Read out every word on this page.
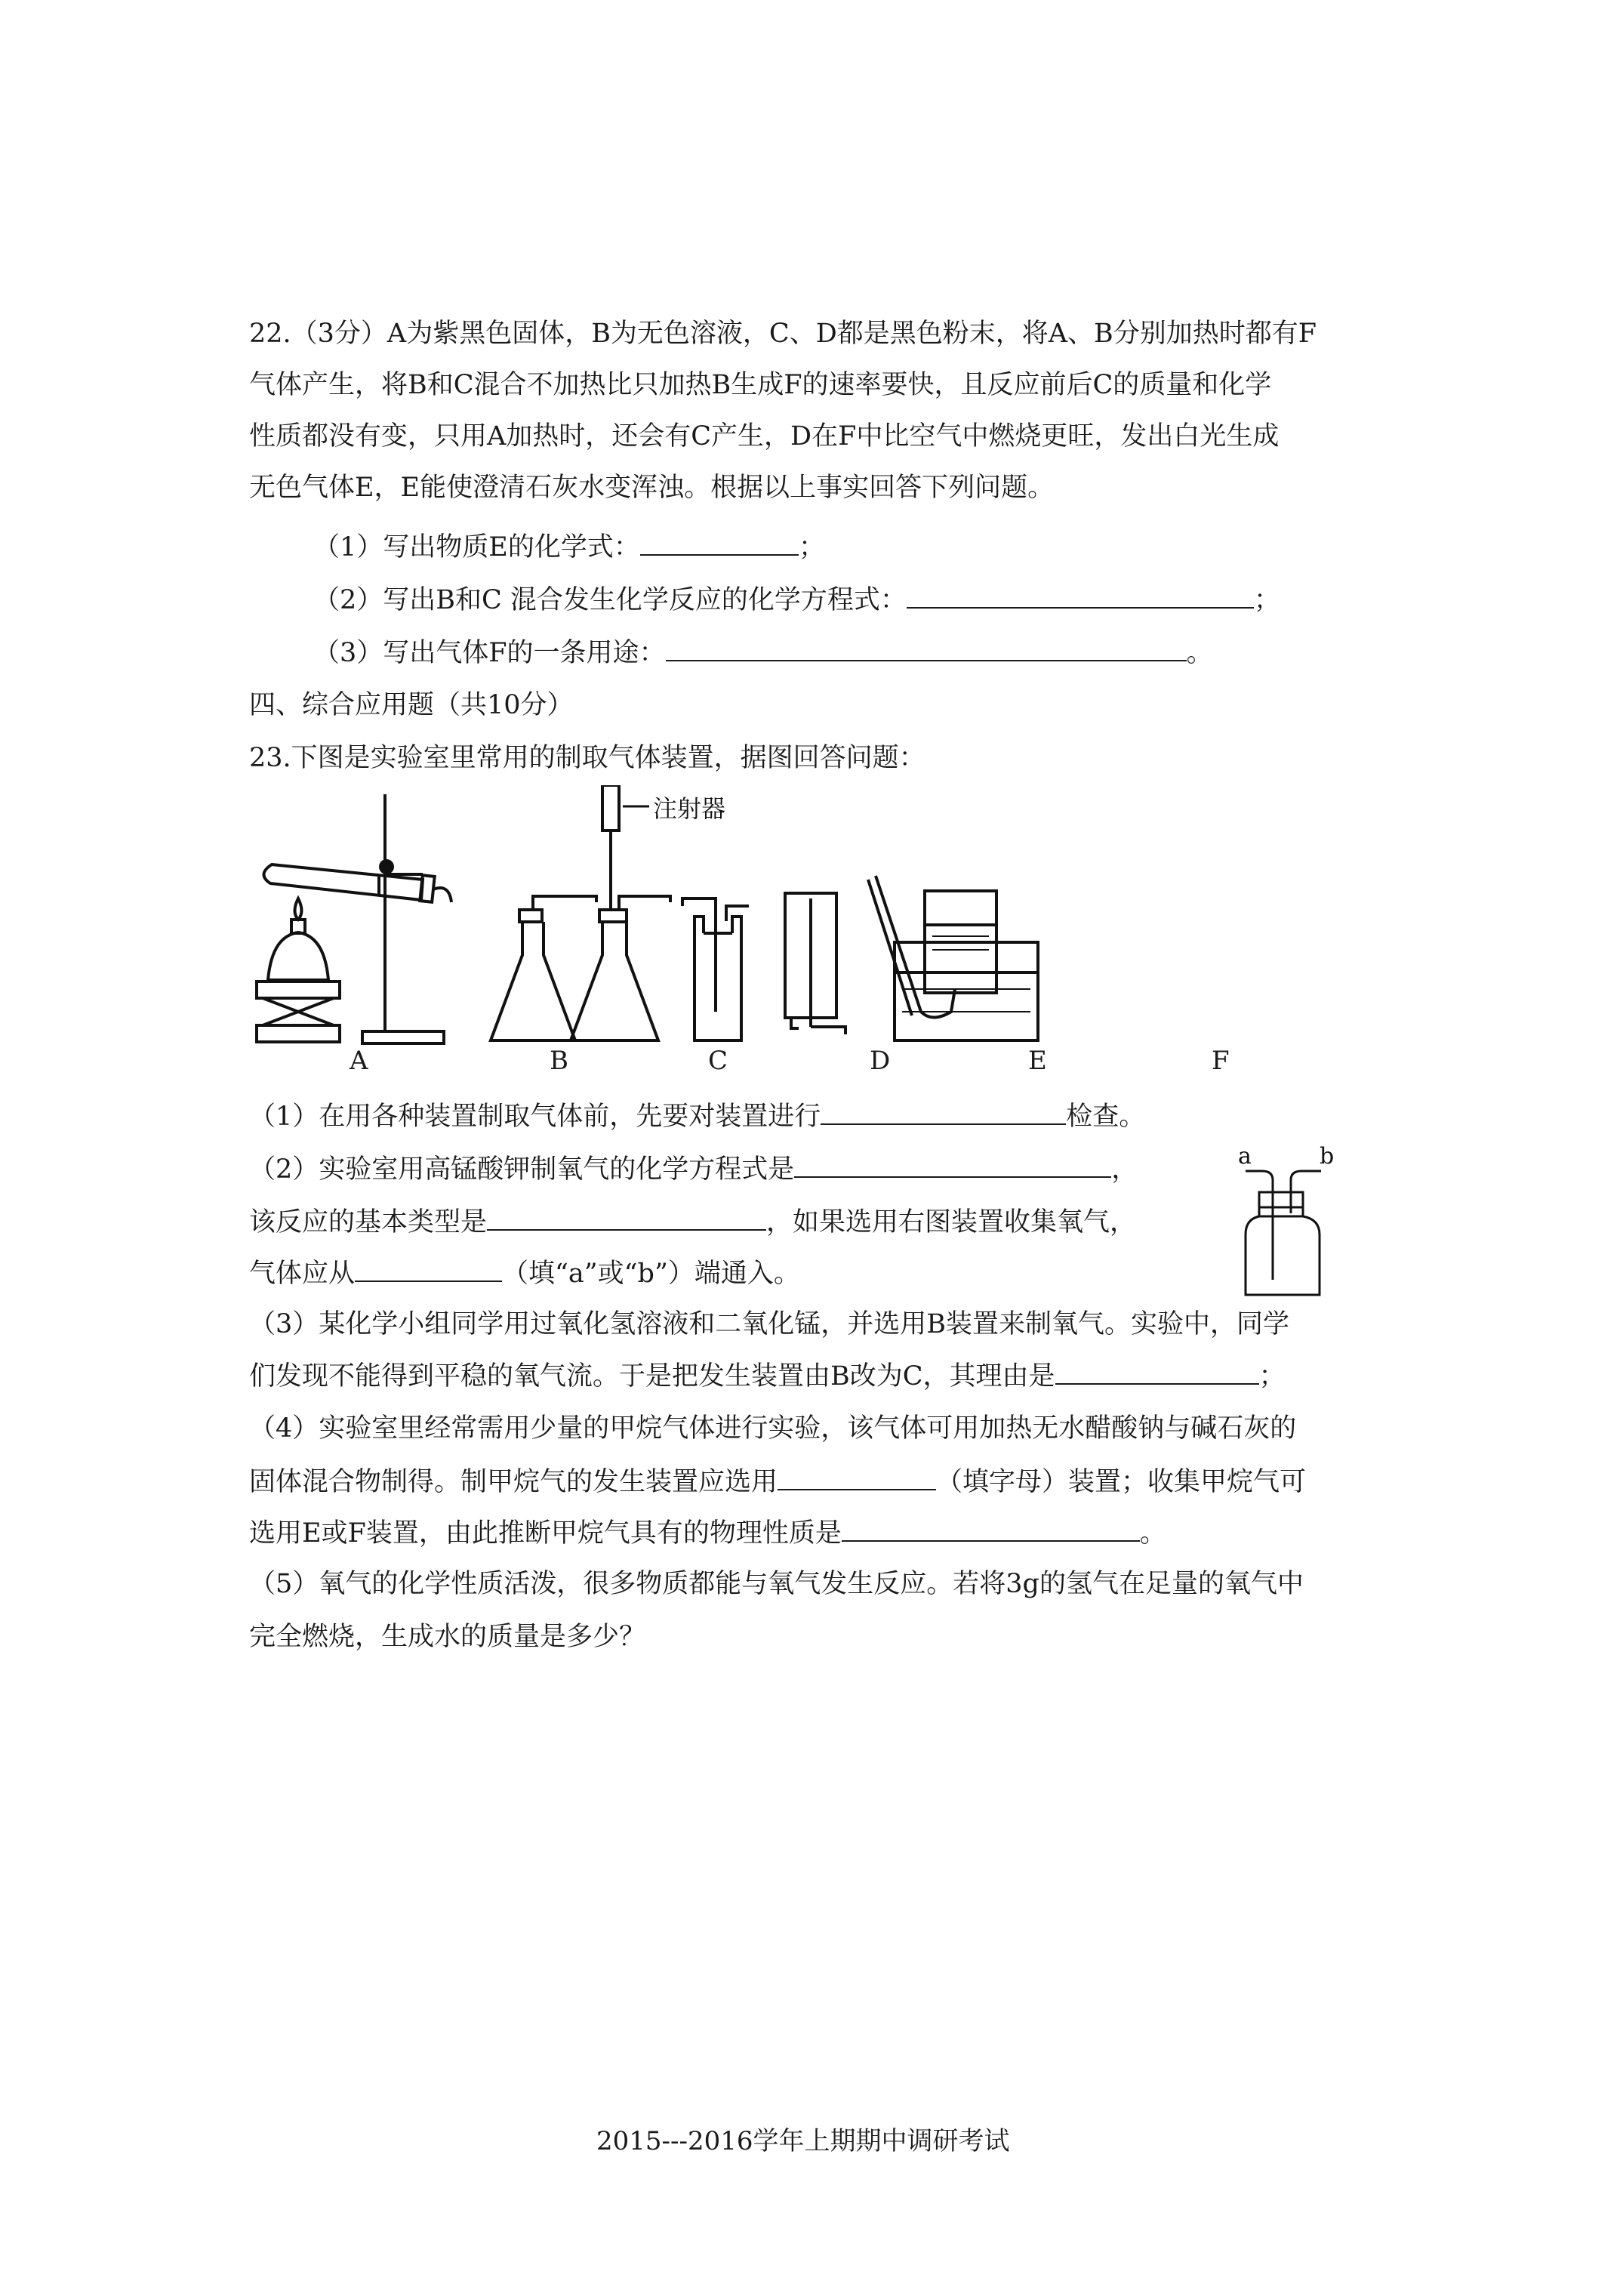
22.（3分）A为紫黑色固体，B为无色溶液，C、D都是黑色粉末，将A、B分别加热时都有F
气体产生，将B和C混合不加热比只加热B生成F的速率要快，且反应前后C的质量和化学
性质都没有变，只用A加热时，还会有C产生，D在F中比空气中燃烧更旺，发出白光生成
无色气体E，E能使澄清石灰水变浑浊。根据以上事实回答下列问题。
（1）写出物质E的化学式：	；
（2）写出B和C 混合发生化学反应的化学方程式：	；
（3）写出气体F的一条用途：	。
四、综合应用题（共10分）
23.下图是实验室里常用的制取气体装置，据图回答问题：
注射器
A	B	C	D	E	F
（1）在用各种装置制取气体前，先要对装置进行	检查。
（2）实验室用高锰酸钾制氧气的化学方程式是	，
该反应的基本类型是	，如果选用右图装置收集氧气，
气体应从	（填“a”或“b”）端通入。
a	b
（3）某化学小组同学用过氧化氢溶液和二氧化锰，并选用B装置来制氧气。实验中，同学
们发现不能得到平稳的氧气流。于是把发生装置由B改为C，其理由是	；
（4）实验室里经常需用少量的甲烷气体进行实验，该气体可用加热无水醋酸钠与碱石灰的
固体混合物制得。制甲烷气的发生装置应选用	（填字母）装置；收集甲烷气可
选用E或F装置，由此推断甲烷气具有的物理性质是	。
（5）氧气的化学性质活泼，很多物质都能与氧气发生反应。若将3g的氢气在足量的氧气中
完全燃烧，生成水的质量是多少？
2015---2016学年上期期中调研考试
